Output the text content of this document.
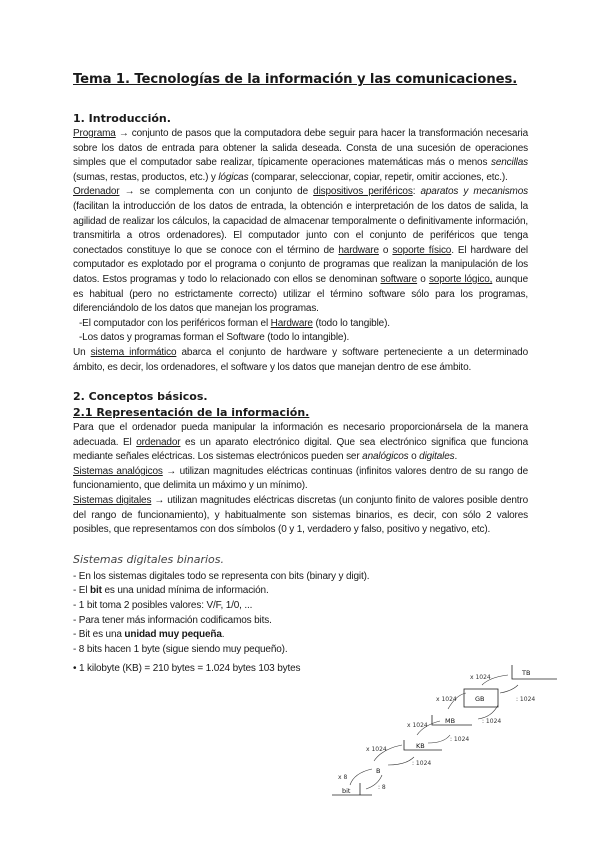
Tema 1. Tecnologías de la información y las comunicaciones.
1. Introducción.

Programa → conjunto de pasos que la computadora debe seguir para hacer la transformación necesaria sobre los datos de entrada para obtener la salida deseada. Consta de una sucesión de operaciones simples que el computador sabe realizar, típicamente operaciones matemáticas más o menos sencillas (sumas, restas, productos, etc.) y lógicas (comparar, seleccionar, copiar, repetir, omitir acciones, etc.).

Ordenador → se complementa con un conjunto de dispositivos periféricos: aparatos y mecanismos (facilitan la introducción de los datos de entrada, la obtención e interpretación de los datos de salida, la agilidad de realizar los cálculos, la capacidad de almacenar temporalmente o definitivamente información, transmitirla a otros ordenadores). El computador junto con el conjunto de periféricos que tenga conectados constituye lo que se conoce con el término de hardware o soporte físico. El hardware del computador es explotado por el programa o conjunto de programas que realizan la manipulación de los datos. Estos programas y todo lo relacionado con ellos se denominan software o soporte lógico, aunque es habitual (pero no estrictamente correcto) utilizar el término software sólo para los programas, diferenciándolo de los datos que manejan los programas.

-El computador con los periféricos forman el Hardware (todo lo tangible).

-Los datos y programas forman el Software (todo lo intangible).

Un sistema informático abarca el conjunto de hardware y software perteneciente a un determinado ámbito, es decir, los ordenadores, el software y los datos que manejan dentro de ese ámbito.

2. Conceptos básicos.
2.1 Representación de la información.

Para que el ordenador pueda manipular la información es necesario proporcionársela de la manera adecuada. El ordenador es un aparato electrónico digital. Que sea electrónico significa que funciona mediante señales eléctricas. Los sistemas electrónicos pueden ser analógicos o digitales.

Sistemas analógicos → utilizan magnitudes eléctricas continuas (infinitos valores dentro de su rango de funcionamiento, que delimita un máximo y un mínimo).

Sistemas digitales → utilizan magnitudes eléctricas discretas (un conjunto finito de valores posible dentro del rango de funcionamiento), y habitualmente son sistemas binarios, es decir, con sólo 2 valores posibles, que representamos con dos símbolos (0 y 1, verdadero y falso, positivo y negativo, etc).

Sistemas digitales binarios.

- En los sistemas digitales todo se representa con bits (binary y digit).

- El bit es una unidad mínima de información.

- 1 bit toma 2 posibles valores: V/F, 1/0, ...

- Para tener más información codificamos bits.

- Bit es una unidad muy pequeña.

- 8 bits hacen 1 byte (sigue siendo muy pequeño).

• 1 kilobyte (KB) = 210 bytes = 1.024 bytes 103 bytes	TB
GB
MB
KB
B
bit
x 8
: 8
x 1024
: 1024
x 1024
: 1024
x 1024
: 1024
x 1024
: 1024
